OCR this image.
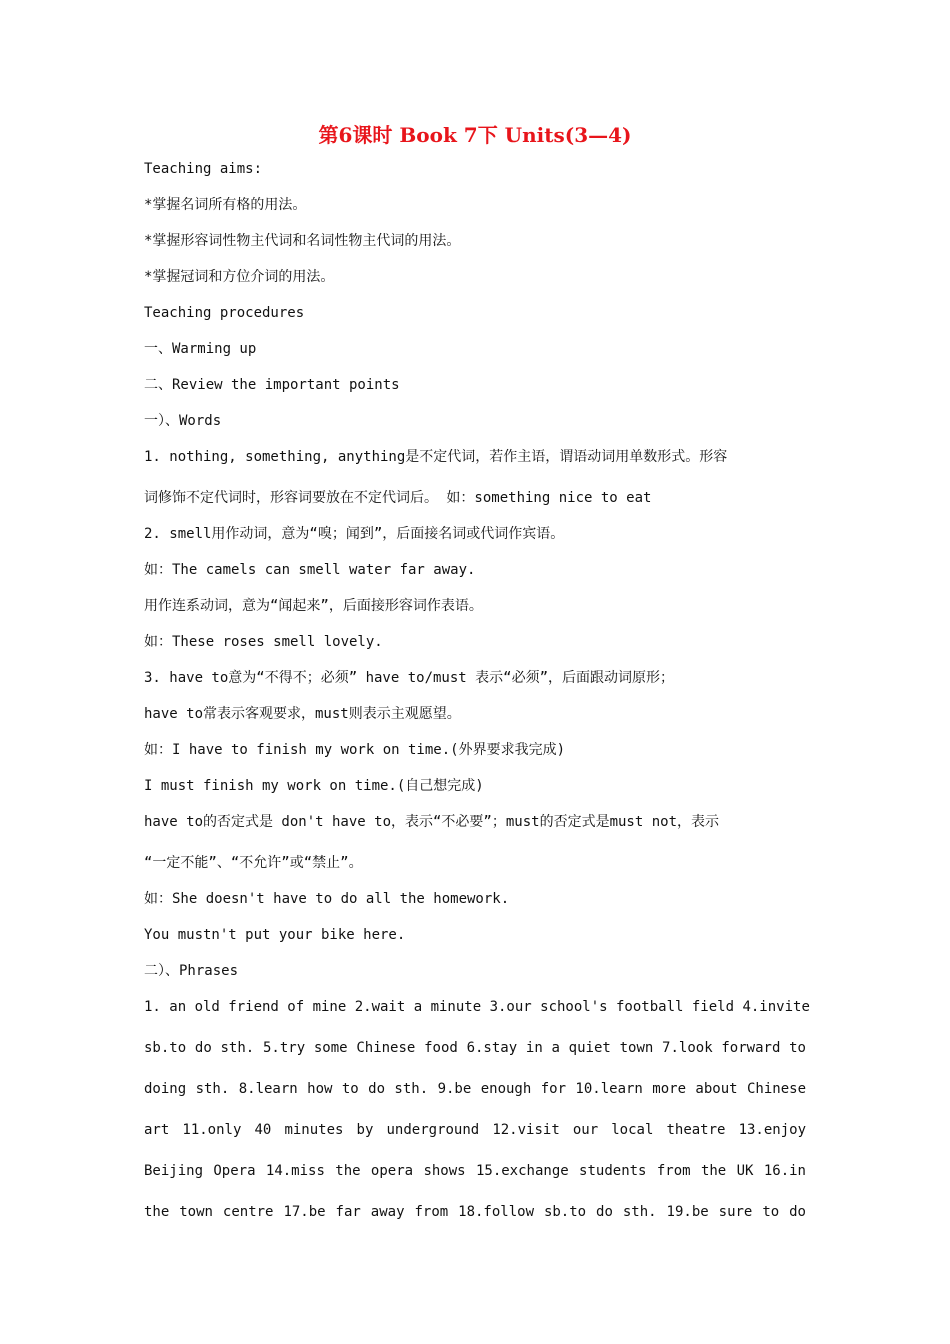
第6课时 Book 7下 Units(3—4)
Teaching aims:
*掌握名词所有格的用法。
*掌握形容词性物主代词和名词性物主代词的用法。
*掌握冠词和方位介词的用法。
Teaching procedures
一、Warming up
二、Review the important points
一）、Words
1. nothing, something, anything是不定代词，若作主语，谓语动词用单数形式。形容
词修饰不定代词时，形容词要放在不定代词后。 如：something nice to eat
2. smell用作动词，意为“嗅；闻到”，后面接名词或代词作宾语。
如：The camels can smell water far away.
用作连系动词，意为“闻起来”，后面接形容词作表语。
如：These roses smell lovely.
3. have to意为“不得不；必须” have to/must 表示“必须”，后面跟动词原形；
have to常表示客观要求，must则表示主观愿望。
如：I have to finish my work on time.(外界要求我完成)
I must finish my work on time.(自己想完成)
have to的否定式是 don't have to，表示“不必要”；must的否定式是must not，表示
“一定不能”、“不允许”或“禁止”。
如：She doesn't have to do all the homework.
You mustn't put your bike here.
二）、Phrases
1. an old friend of mine 2.wait a minute 3.our school's football field 4.invite
sb.to do sth. 5.try some Chinese food 6.stay in a quiet town 7.look forward to
doing sth. 8.learn how to do sth. 9.be enough for 10.learn more about Chinese
art 11.only 40 minutes by underground 12.visit our local theatre 13.enjoy
Beijing Opera 14.miss the opera shows 15.exchange students from the UK 16.in
the town centre 17.be far away from 18.follow sb.to do sth. 19.be sure to do
